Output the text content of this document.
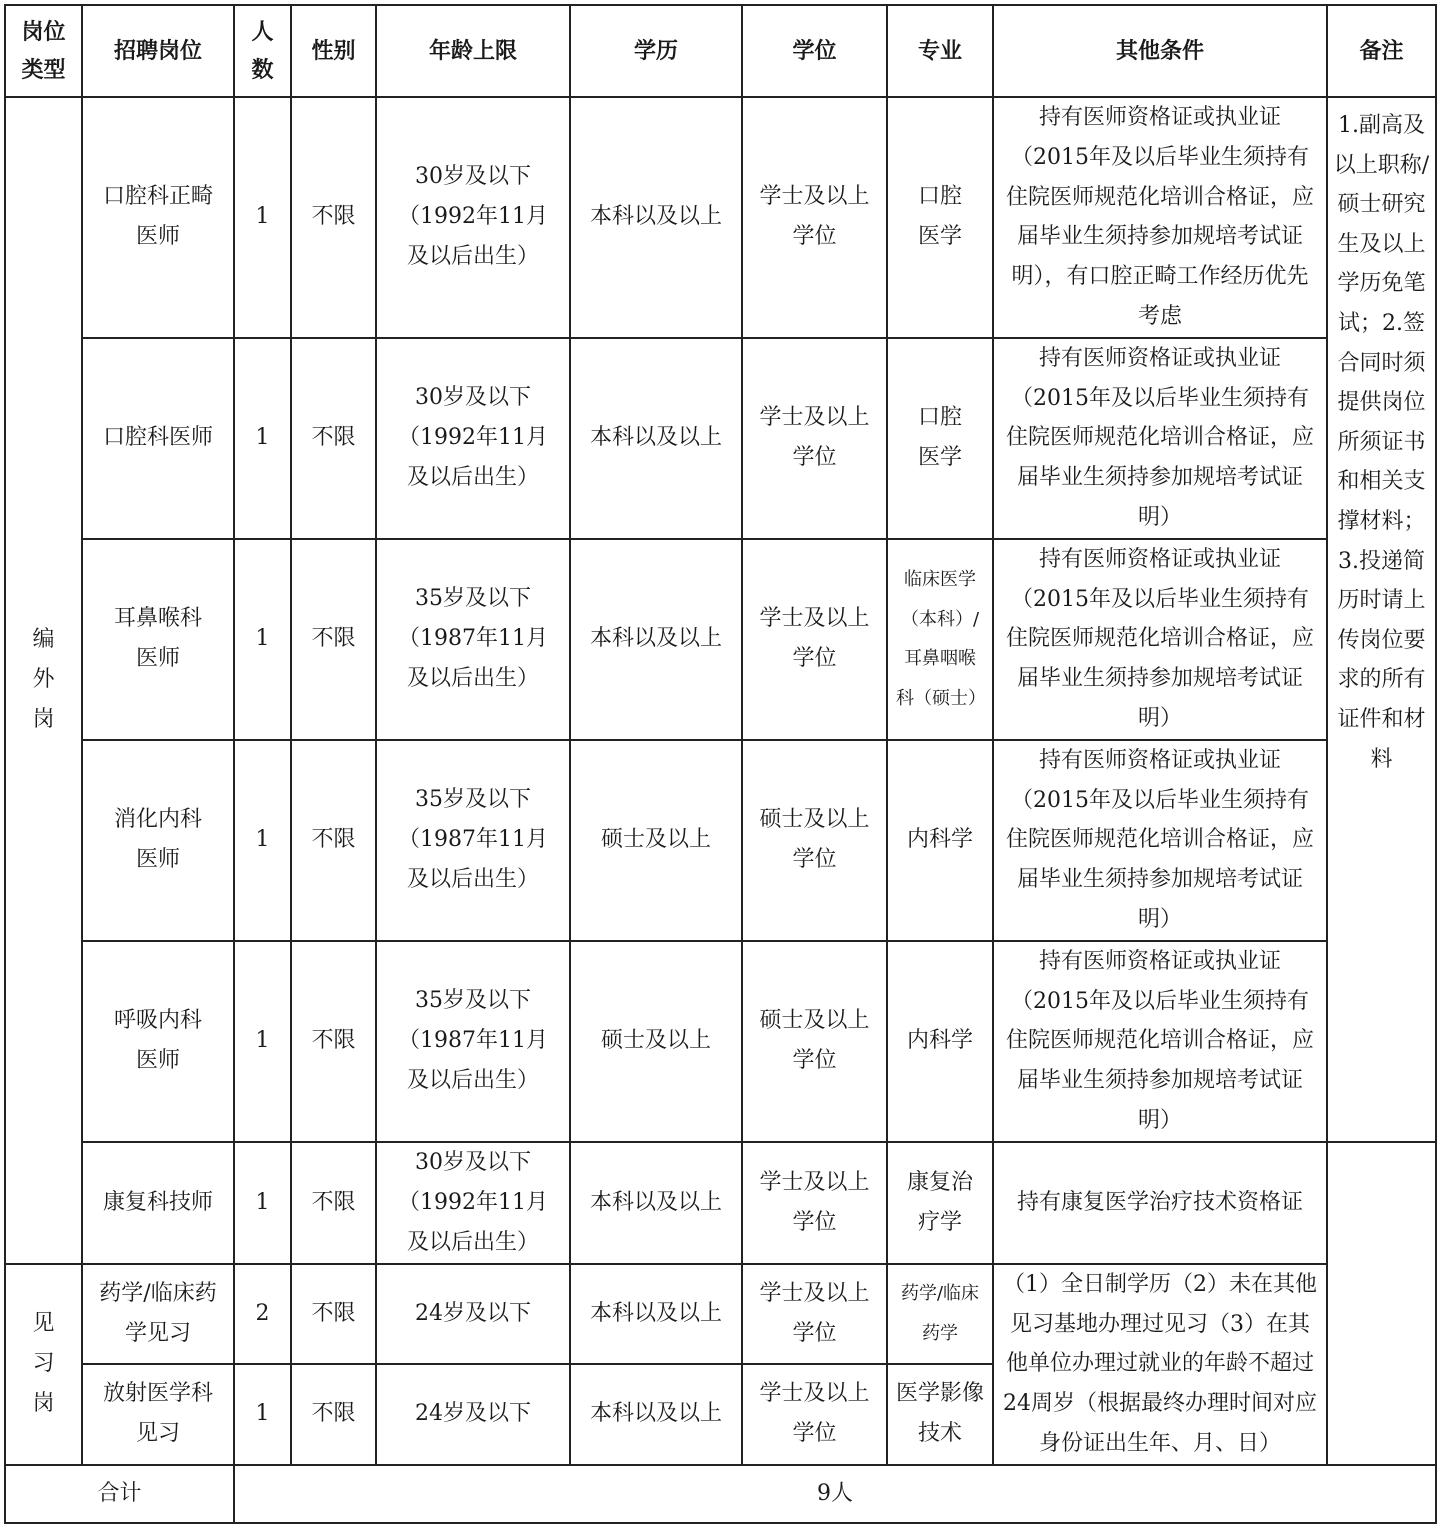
岗位类型	招聘岗位	人数	性别	年龄上限	学历	学位	专业	其他条件	备注	
编外岗	口腔科正畸医师	1	不限	30岁及以下（1992年11月及以后出生）	本科以及以上	学士及以上学位	口腔医学	持有医师资格证或执业证（2015年及以后毕业生须持有住院医师规范化培训合格证，应届毕业生须持参加规培考试证明），有口腔正畸工作经历优先考虑	1.副高及以上职称/硕士研究生及以上学历免笔试；2.签合同时须提供岗位所须证书和相关支撑材料；3.投递简历时请上传岗位要求的所有证件和材料	
	口腔科医师	1	不限	30岁及以下（1992年11月及以后出生）	本科以及以上	学士及以上学位	口腔医学	持有医师资格证或执业证（2015年及以后毕业生须持有住院医师规范化培训合格证，应届毕业生须持参加规培考试证明）		
	耳鼻喉科医师	1	不限	35岁及以下（1987年11月及以后出生）	本科以及以上	学士及以上学位	临床医学（本科）/耳鼻咽喉科（硕士）	持有医师资格证或执业证（2015年及以后毕业生须持有住院医师规范化培训合格证，应届毕业生须持参加规培考试证明）		
	消化内科医师	1	不限	35岁及以下（1987年11月及以后出生）	硕士及以上	硕士及以上学位	内科学	持有医师资格证或执业证（2015年及以后毕业生须持有住院医师规范化培训合格证，应届毕业生须持参加规培考试证明）		
	呼吸内科医师	1	不限	35岁及以下（1987年11月及以后出生）	硕士及以上	硕士及以上学位	内科学	持有医师资格证或执业证（2015年及以后毕业生须持有住院医师规范化培训合格证，应届毕业生须持参加规培考试证明）		
	康复科技师	1	不限	30岁及以下（1992年11月及以后出生）	本科以及以上	学士及以上学位	康复治疗学	持有康复医学治疗技术资格证		
见习岗	药学/临床药学见习	2	不限	24岁及以下	本科以及以上	学士及以上学位	药学/临床药学	（1）全日制学历（2）未在其他见习基地办理过见习（3）在其他单位办理过就业的年龄不超过24周岁（根据最终办理时间对应身份证出生年、月、日）		
	放射医学科见习	1	不限	24岁及以下	本科以及以上	学士及以上学位	医学影像技术			
合计		9人								
